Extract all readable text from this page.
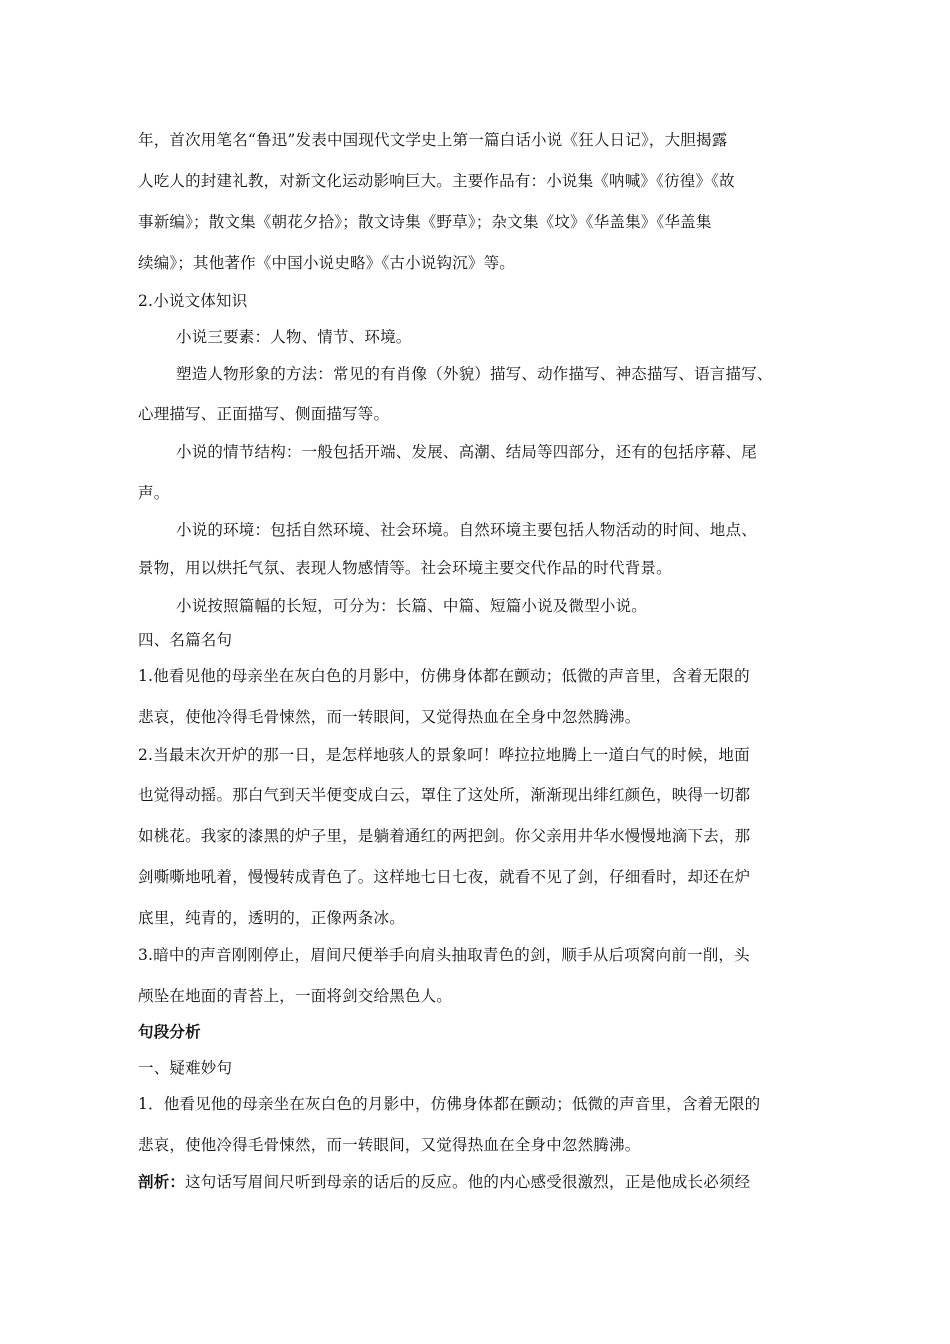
年，首次用笔名“鲁迅”发表中国现代文学史上第一篇白话小说《狂人日记》，大胆揭露
人吃人的封建礼教，对新文化运动影响巨大。主要作品有：小说集《呐喊》《彷徨》《故
事新编》；散文集《朝花夕拾》；散文诗集《野草》；杂文集《坟》《华盖集》《华盖集
续编》；其他著作《中国小说史略》《古小说钩沉》等。
2.小说文体知识
小说三要素：人物、情节、环境。
塑造人物形象的方法：常见的有肖像（外貌）描写、动作描写、神态描写、语言描写、
心理描写、正面描写、侧面描写等。
小说的情节结构：一般包括开端、发展、高潮、结局等四部分，还有的包括序幕、尾
声。
小说的环境：包括自然环境、社会环境。自然环境主要包括人物活动的时间、地点、
景物，用以烘托气氛、表现人物感情等。社会环境主要交代作品的时代背景。
小说按照篇幅的长短，可分为：长篇、中篇、短篇小说及微型小说。
四、名篇名句
1.他看见他的母亲坐在灰白色的月影中，仿佛身体都在颤动；低微的声音里，含着无限的
悲哀，使他冷得毛骨悚然，而一转眼间，又觉得热血在全身中忽然腾沸。
2.当最末次开炉的那一日，是怎样地骇人的景象呵！哗拉拉地腾上一道白气的时候，地面
也觉得动摇。那白气到天半便变成白云，罩住了这处所，渐渐现出绯红颜色，映得一切都
如桃花。我家的漆黑的炉子里，是躺着通红的两把剑。你父亲用井华水慢慢地滴下去，那
剑嘶嘶地吼着，慢慢转成青色了。这样地七日七夜，就看不见了剑，仔细看时，却还在炉
底里，纯青的，透明的，正像两条冰。
3.暗中的声音刚刚停止，眉间尺便举手向肩头抽取青色的剑，顺手从后项窝向前一削，头
颅坠在地面的青苔上，一面将剑交给黑色人。
句段分析
一、疑难妙句
1．他看见他的母亲坐在灰白色的月影中，仿佛身体都在颤动；低微的声音里，含着无限的
悲哀，使他冷得毛骨悚然，而一转眼间，又觉得热血在全身中忽然腾沸。
剖析：这句话写眉间尺听到母亲的话后的反应。他的内心感受很激烈，正是他成长必须经
